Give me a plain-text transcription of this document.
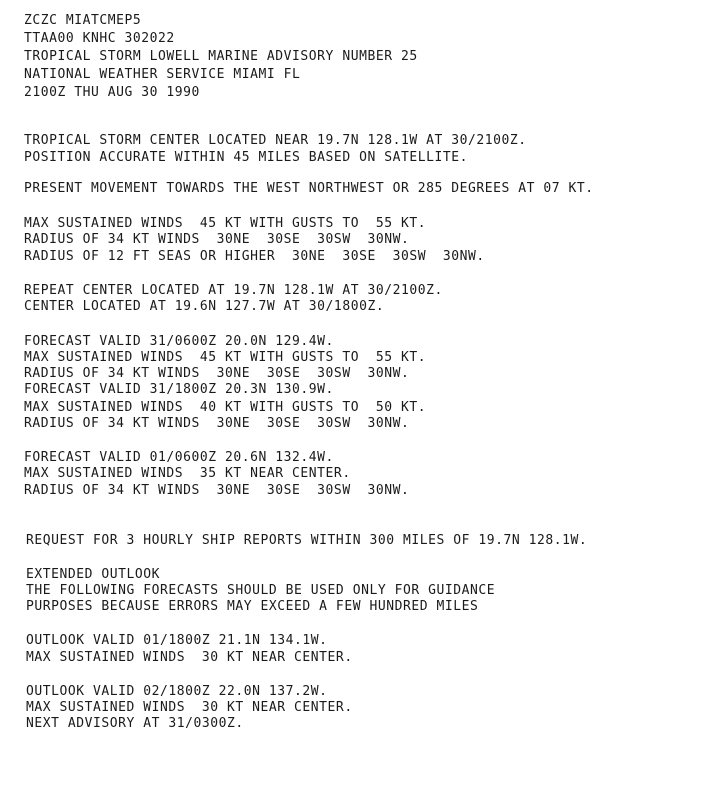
ZCZC MIATCMEP5
TTAA00 KNHC 302022
TROPICAL STORM LOWELL MARINE ADVISORY NUMBER 25
NATIONAL WEATHER SERVICE MIAMI FL
2100Z THU AUG 30 1990
TROPICAL STORM CENTER LOCATED NEAR 19.7N 128.1W AT 30/2100Z.
POSITION ACCURATE WITHIN 45 MILES BASED ON SATELLITE.
PRESENT MOVEMENT TOWARDS THE WEST NORTHWEST OR 285 DEGREES AT 07 KT.
MAX SUSTAINED WINDS  45 KT WITH GUSTS TO  55 KT.
RADIUS OF 34 KT WINDS  30NE  30SE  30SW  30NW.
RADIUS OF 12 FT SEAS OR HIGHER  30NE  30SE  30SW  30NW.
REPEAT CENTER LOCATED AT 19.7N 128.1W AT 30/2100Z.
CENTER LOCATED AT 19.6N 127.7W AT 30/1800Z.
FORECAST VALID 31/0600Z 20.0N 129.4W.
MAX SUSTAINED WINDS  45 KT WITH GUSTS TO  55 KT.
RADIUS OF 34 KT WINDS  30NE  30SE  30SW  30NW.
FORECAST VALID 31/1800Z 20.3N 130.9W.
MAX SUSTAINED WINDS  40 KT WITH GUSTS TO  50 KT.
RADIUS OF 34 KT WINDS  30NE  30SE  30SW  30NW.
FORECAST VALID 01/0600Z 20.6N 132.4W.
MAX SUSTAINED WINDS  35 KT NEAR CENTER.
RADIUS OF 34 KT WINDS  30NE  30SE  30SW  30NW.
REQUEST FOR 3 HOURLY SHIP REPORTS WITHIN 300 MILES OF 19.7N 128.1W.
EXTENDED OUTLOOK
THE FOLLOWING FORECASTS SHOULD BE USED ONLY FOR GUIDANCE
PURPOSES BECAUSE ERRORS MAY EXCEED A FEW HUNDRED MILES
OUTLOOK VALID 01/1800Z 21.1N 134.1W.
MAX SUSTAINED WINDS  30 KT NEAR CENTER.
OUTLOOK VALID 02/1800Z 22.0N 137.2W.
MAX SUSTAINED WINDS  30 KT NEAR CENTER.
NEXT ADVISORY AT 31/0300Z.
